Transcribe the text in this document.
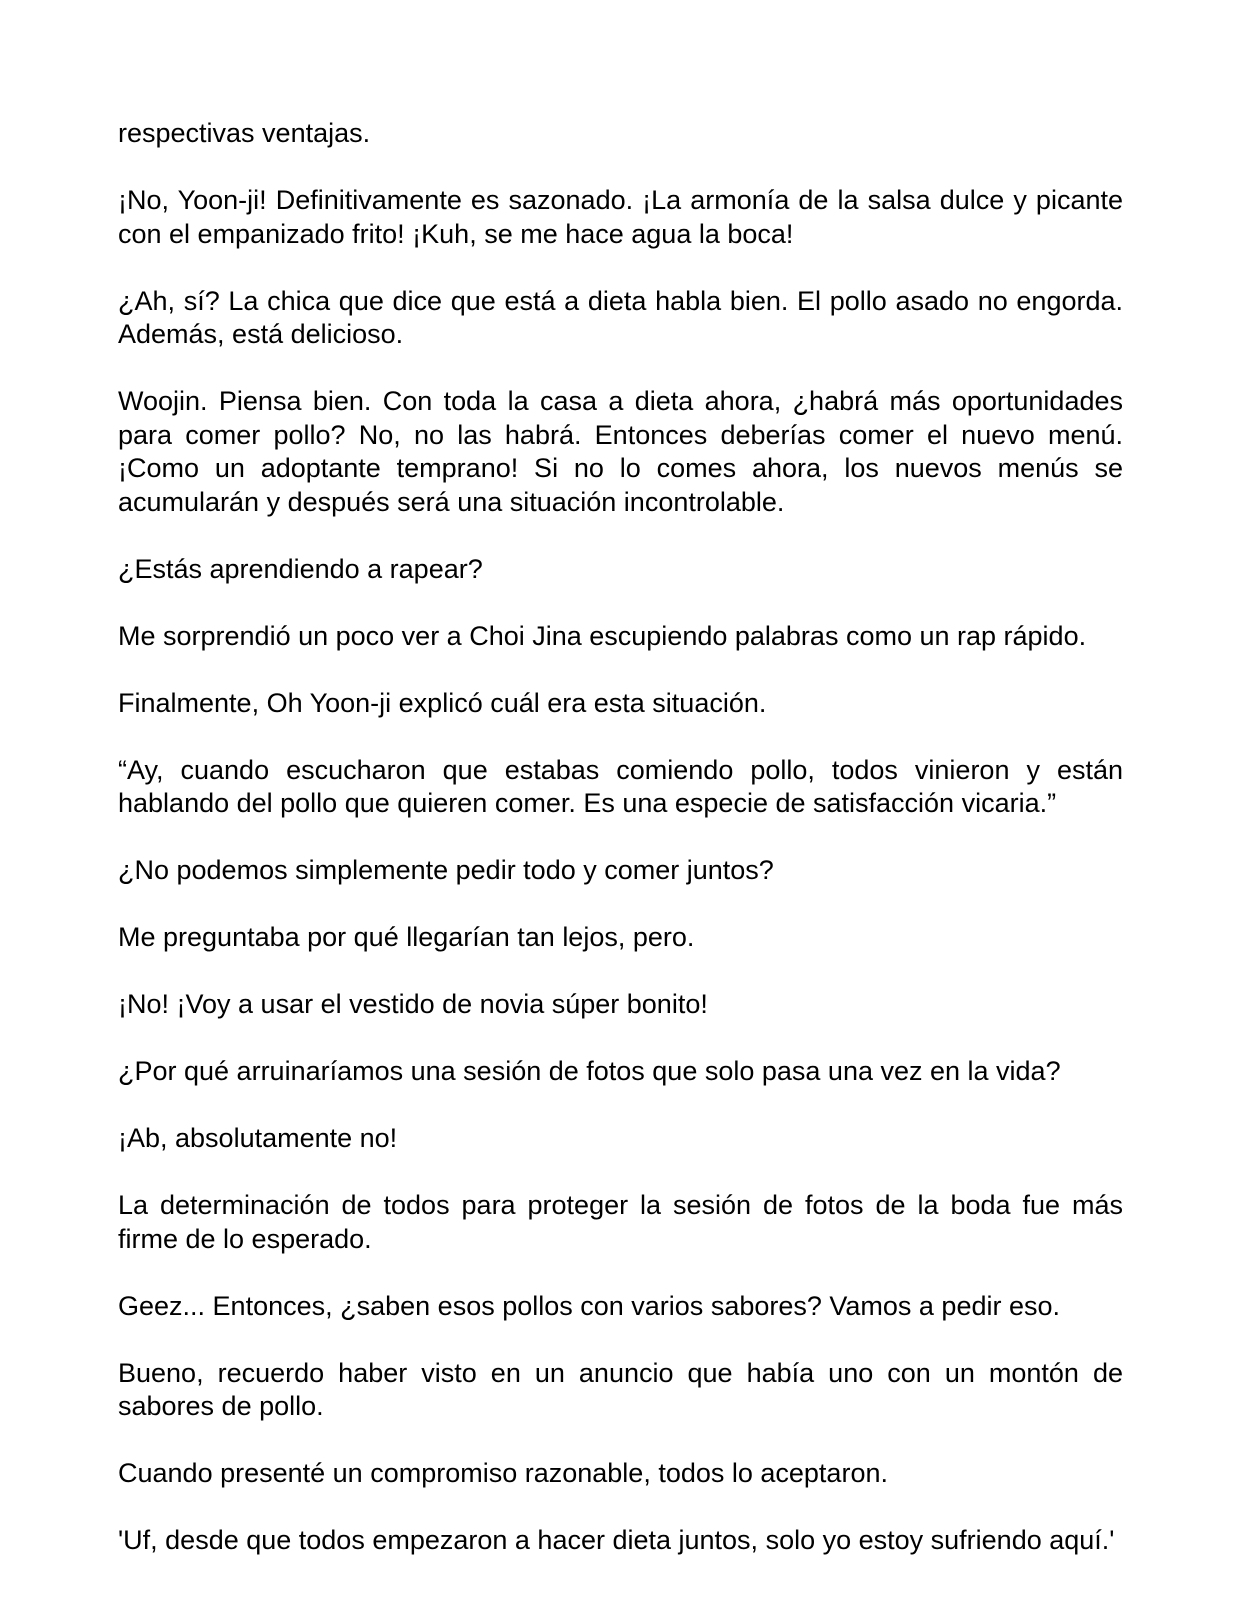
respectivas ventajas.

¡No, Yoon-ji! Definitivamente es sazonado. ¡La armonía de la salsa dulce y picante con el empanizado frito! ¡Kuh, se me hace agua la boca!

¿Ah, sí? La chica que dice que está a dieta habla bien. El pollo asado no engorda. Además, está delicioso.

Woojin. Piensa bien. Con toda la casa a dieta ahora, ¿habrá más oportunidades para comer pollo? No, no las habrá. Entonces deberías comer el nuevo menú. ¡Como un adoptante temprano! Si no lo comes ahora, los nuevos menús se acumularán y después será una situación incontrolable.

¿Estás aprendiendo a rapear?

Me sorprendió un poco ver a Choi Jina escupiendo palabras como un rap rápido.

Finalmente, Oh Yoon-ji explicó cuál era esta situación.

“Ay, cuando escucharon que estabas comiendo pollo, todos vinieron y están hablando del pollo que quieren comer. Es una especie de satisfacción vicaria.”

¿No podemos simplemente pedir todo y comer juntos?

Me preguntaba por qué llegarían tan lejos, pero.

¡No! ¡Voy a usar el vestido de novia súper bonito!

¿Por qué arruinaríamos una sesión de fotos que solo pasa una vez en la vida?

¡Ab, absolutamente no!

La determinación de todos para proteger la sesión de fotos de la boda fue más firme de lo esperado.

Geez... Entonces, ¿saben esos pollos con varios sabores? Vamos a pedir eso.

Bueno, recuerdo haber visto en un anuncio que había uno con un montón de sabores de pollo.

Cuando presenté un compromiso razonable, todos lo aceptaron.

'Uf, desde que todos empezaron a hacer dieta juntos, solo yo estoy sufriendo aquí.'
